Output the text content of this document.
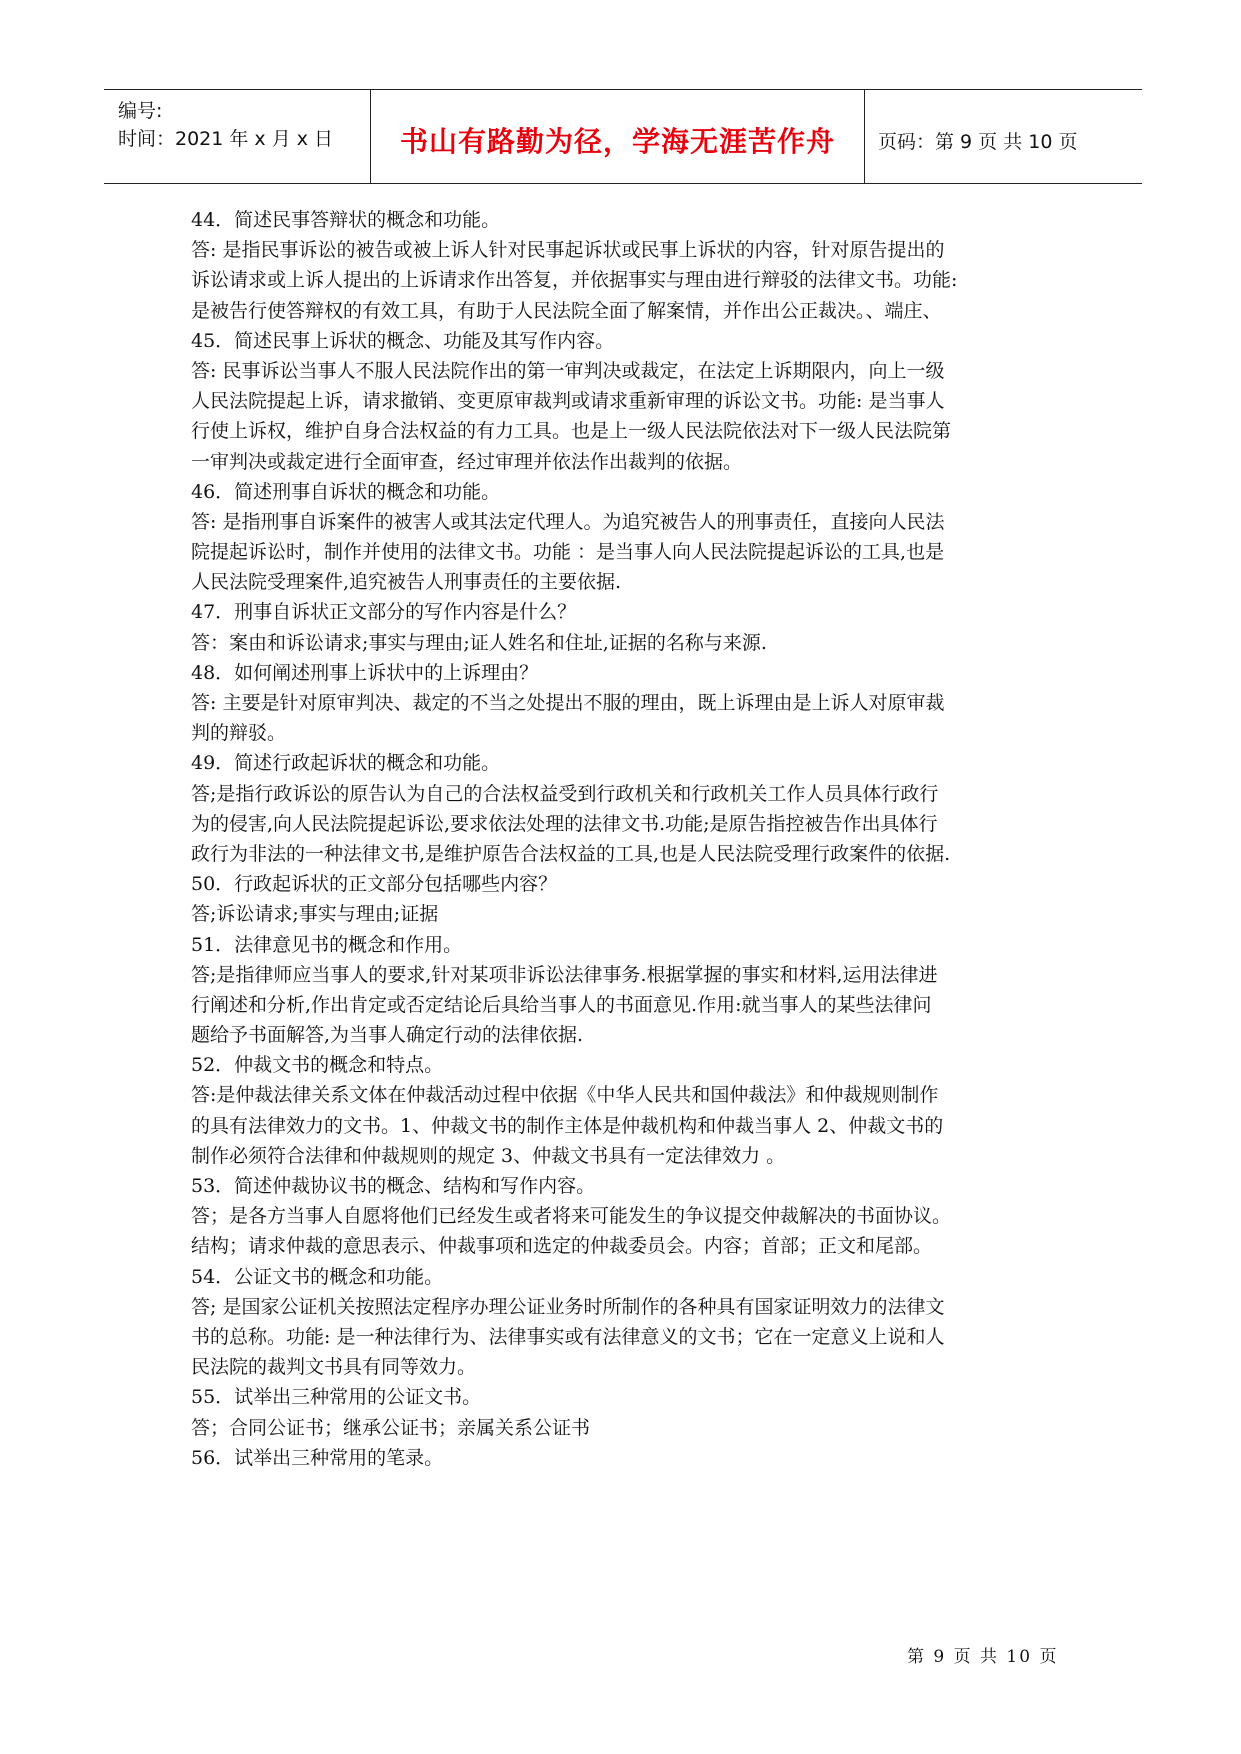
编号:
时间：2021 年 x 月 x 日	书山有路勤为径，学海无涯苦作舟	页码：第 9 页 共 10 页
44．简述民事答辩状的概念和功能。
答: 是指民事诉讼的被告或被上诉人针对民事起诉状或民事上诉状的内容，针对原告提出的
诉讼请求或上诉人提出的上诉请求作出答复，并依据事实与理由进行辩驳的法律文书。功能:
是被告行使答辩权的有效工具，有助于人民法院全面了解案情，并作出公正裁决。、端庄、
45．简述民事上诉状的概念、功能及其写作内容。
答: 民事诉讼当事人不服人民法院作出的第一审判决或裁定，在法定上诉期限内，向上一级
人民法院提起上诉，请求撤销、变更原审裁判或请求重新审理的诉讼文书。功能: 是当事人
行使上诉权，维护自身合法权益的有力工具。也是上一级人民法院依法对下一级人民法院第
一审判决或裁定进行全面审查，经过审理并依法作出裁判的依据。
46．简述刑事自诉状的概念和功能。
答: 是指刑事自诉案件的被害人或其法定代理人。为追究被告人的刑事责任，直接向人民法
院提起诉讼时，制作并使用的法律文书。功能 ：是当事人向人民法院提起诉讼的工具,也是
人民法院受理案件,追究被告人刑事责任的主要依据.
47．刑事自诉状正文部分的写作内容是什么？
答：案由和诉讼请求;事实与理由;证人姓名和住址,证据的名称与来源.
48．如何阐述刑事上诉状中的上诉理由？
答: 主要是针对原审判决、裁定的不当之处提出不服的理由，既上诉理由是上诉人对原审裁
判的辩驳。
49．简述行政起诉状的概念和功能。
答;是指行政诉讼的原告认为自己的合法权益受到行政机关和行政机关工作人员具体行政行
为的侵害,向人民法院提起诉讼,要求依法处理的法律文书.功能;是原告指控被告作出具体行
政行为非法的一种法律文书,是维护原告合法权益的工具,也是人民法院受理行政案件的依据.
50．行政起诉状的正文部分包括哪些内容？
答;诉讼请求;事实与理由;证据
51．法律意见书的概念和作用。
答;是指律师应当事人的要求,针对某项非诉讼法律事务.根据掌握的事实和材料,运用法律进
行阐述和分析,作出肯定或否定结论后具给当事人的书面意见.作用:就当事人的某些法律问
题给予书面解答,为当事人确定行动的法律依据.
52．仲裁文书的概念和特点。
答:是仲裁法律关系文体在仲裁活动过程中依据《中华人民共和国仲裁法》和仲裁规则制作
的具有法律效力的文书。1、仲裁文书的制作主体是仲裁机构和仲裁当事人 2、仲裁文书的
制作必须符合法律和仲裁规则的规定 3、仲裁文书具有一定法律效力 。
53．简述仲裁协议书的概念、结构和写作内容。
答；是各方当事人自愿将他们已经发生或者将来可能发生的争议提交仲裁解决的书面协议。
结构；请求仲裁的意思表示、仲裁事项和选定的仲裁委员会。内容；首部；正文和尾部。
54．公证文书的概念和功能。
答; 是国家公证机关按照法定程序办理公证业务时所制作的各种具有国家证明效力的法律文
书的总称。功能: 是一种法律行为、法律事实或有法律意义的文书；它在一定意义上说和人
民法院的裁判文书具有同等效力。
55．试举出三种常用的公证文书。
答；合同公证书；继承公证书；亲属关系公证书
56．试举出三种常用的笔录。
第 9 页 共 10 页
